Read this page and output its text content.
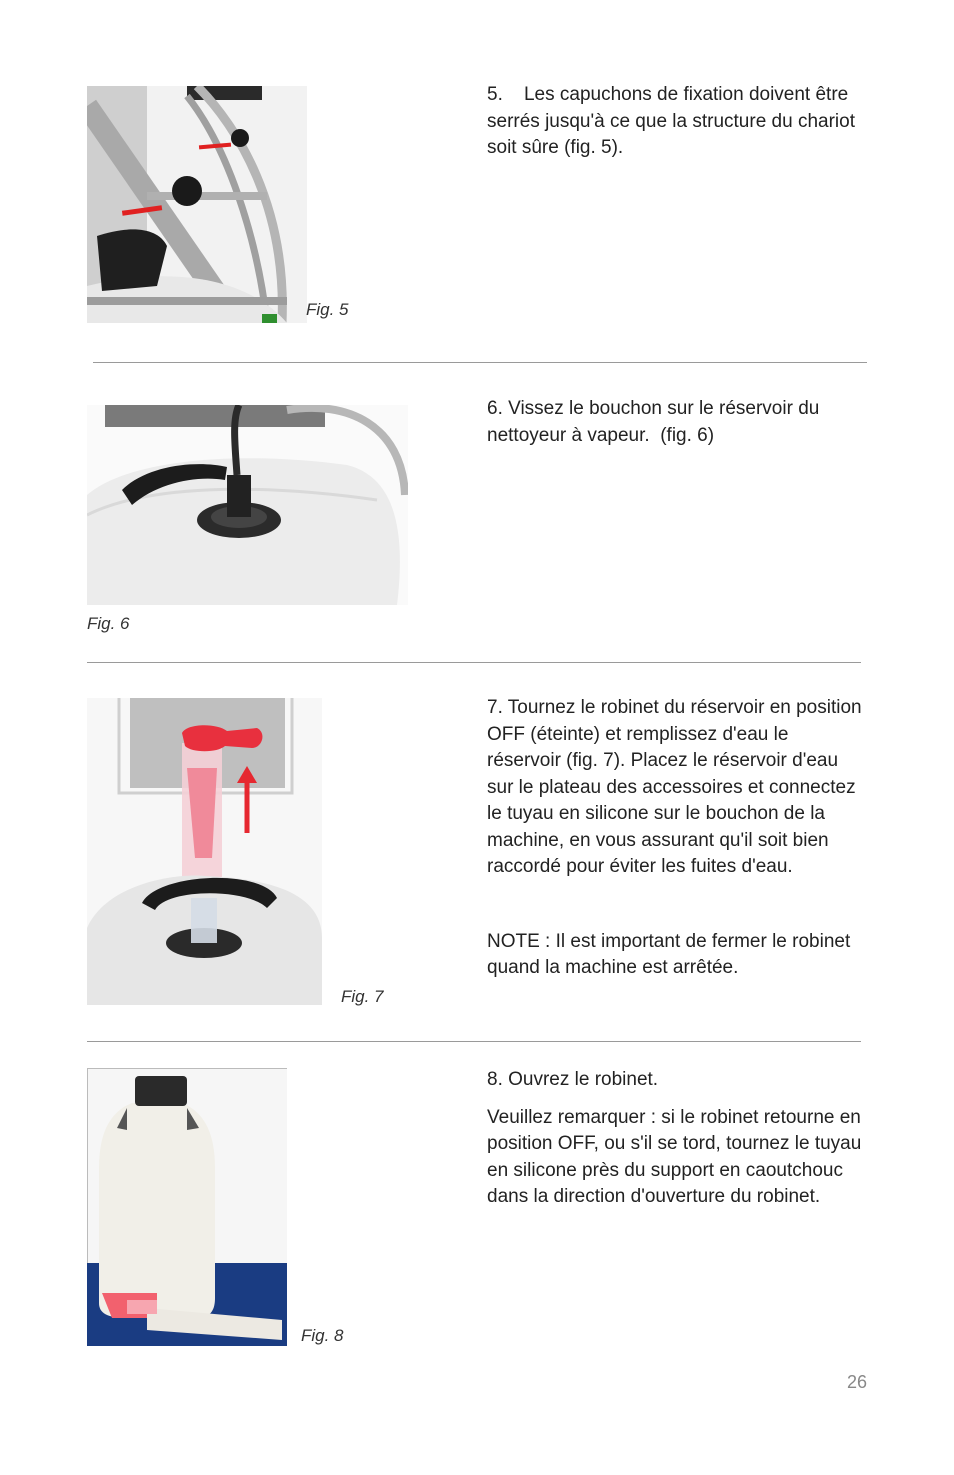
Fig. 5

5.    Les capuchons de fixation doivent être serrés jusqu'à ce que la structure du chariot soit sûre (fig. 5).

Fig. 6

6. Vissez le bouchon sur le réservoir du nettoyeur à vapeur.  (fig. 6)

Fig. 7

7. Tournez le robinet du réservoir en position OFF (éteinte) et remplissez d'eau le réservoir (fig. 7). Placez le réservoir d'eau sur le plateau des accessoires et connectez le tuyau en silicone sur le bouchon de la machine, en vous assurant qu'il soit bien raccordé pour éviter les fuites d'eau.

NOTE : Il est important de fermer le robinet quand la machine est arrêtée.

Fig. 8

8. Ouvrez le robinet.

Veuillez remarquer : si le robinet retourne en position OFF, ou s'il se tord, tournez le tuyau en silicone près du support en caoutchouc dans la direction d'ouverture du robinet.

26
